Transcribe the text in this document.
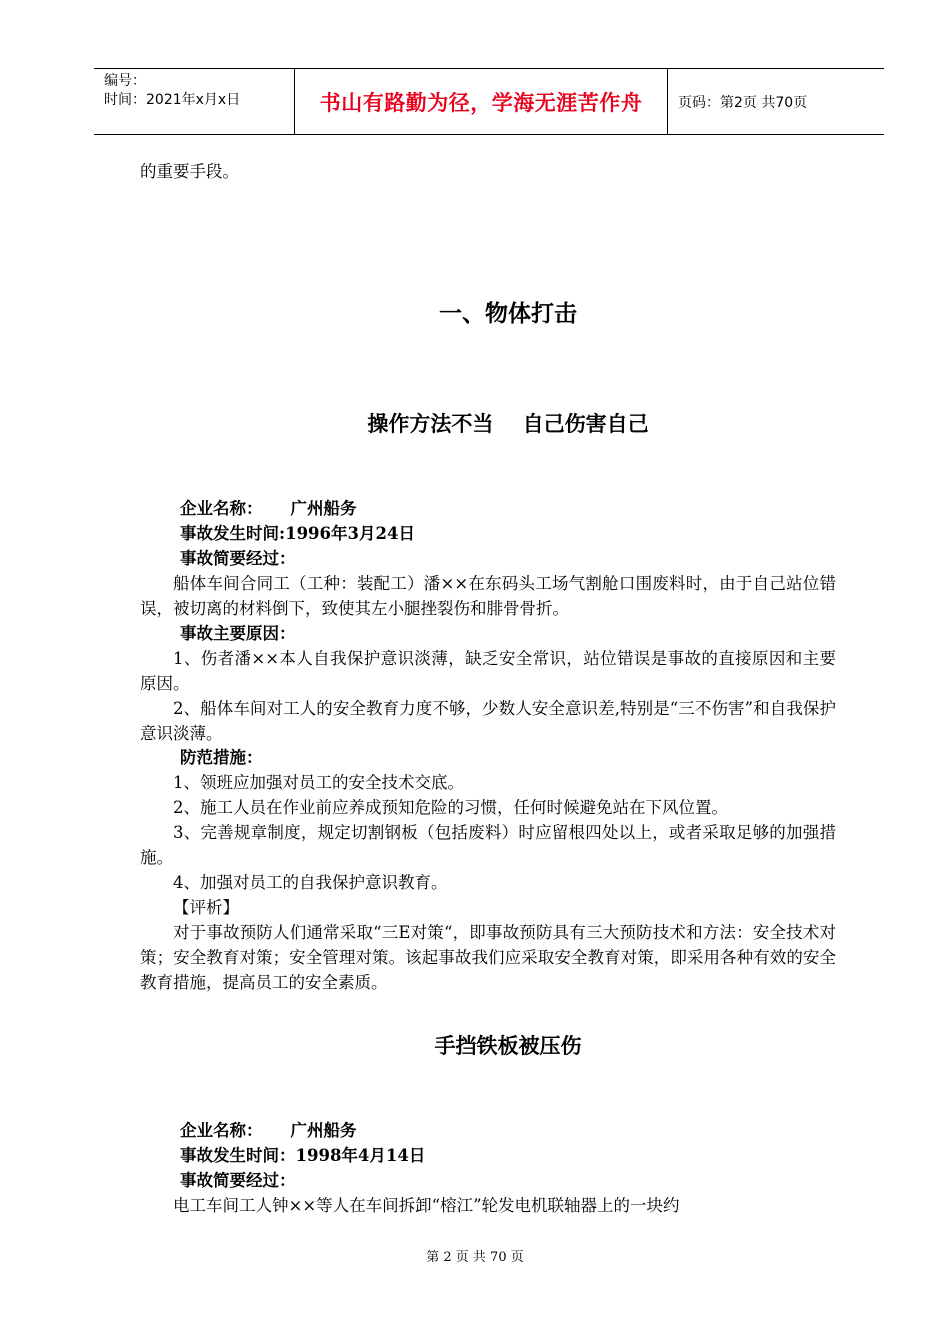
编号：
时间：2021年x月x日	书山有路勤为径，学海无涯苦作舟	页码：第2页 共70页

的重要手段。

一、物体打击
操作方法不当    自己伤害自己
企业名称： 广州船务
事故发生时间:1996年3月24日
事故简要经过：

船体车间合同工（工种：装配工）潘××在东码头工场气割舱口围废料时，由于自己站位错误，被切离的材料倒下，致使其左小腿挫裂伤和腓骨骨折。

事故主要原因：

1、伤者潘××本人自我保护意识淡薄，缺乏安全常识，站位错误是事故的直接原因和主要原因。

2、船体车间对工人的安全教育力度不够，少数人安全意识差,特别是“三不伤害”和自我保护意识淡薄。

防范措施：

1、领班应加强对员工的安全技术交底。

2、施工人员在作业前应养成预知危险的习惯，任何时候避免站在下风位置。

3、完善规章制度，规定切割钢板（包括废料）时应留根四处以上，或者采取足够的加强措施。

4、加强对员工的自我保护意识教育。

【评析】

对于事故预防人们通常采取“三E对策“，即事故预防具有三大预防技术和方法：安全技术对策；安全教育对策；安全管理对策。该起事故我们应采取安全教育对策，即采用各种有效的安全教育措施，提高员工的安全素质。

手挡铁板被压伤
企业名称： 广州船务
事故发生时间：1998年4月14日
事故简要经过：

电工车间工人钟××等人在车间拆卸“榕江”轮发电机联轴器上的一块约

第 2 页 共 70 页
